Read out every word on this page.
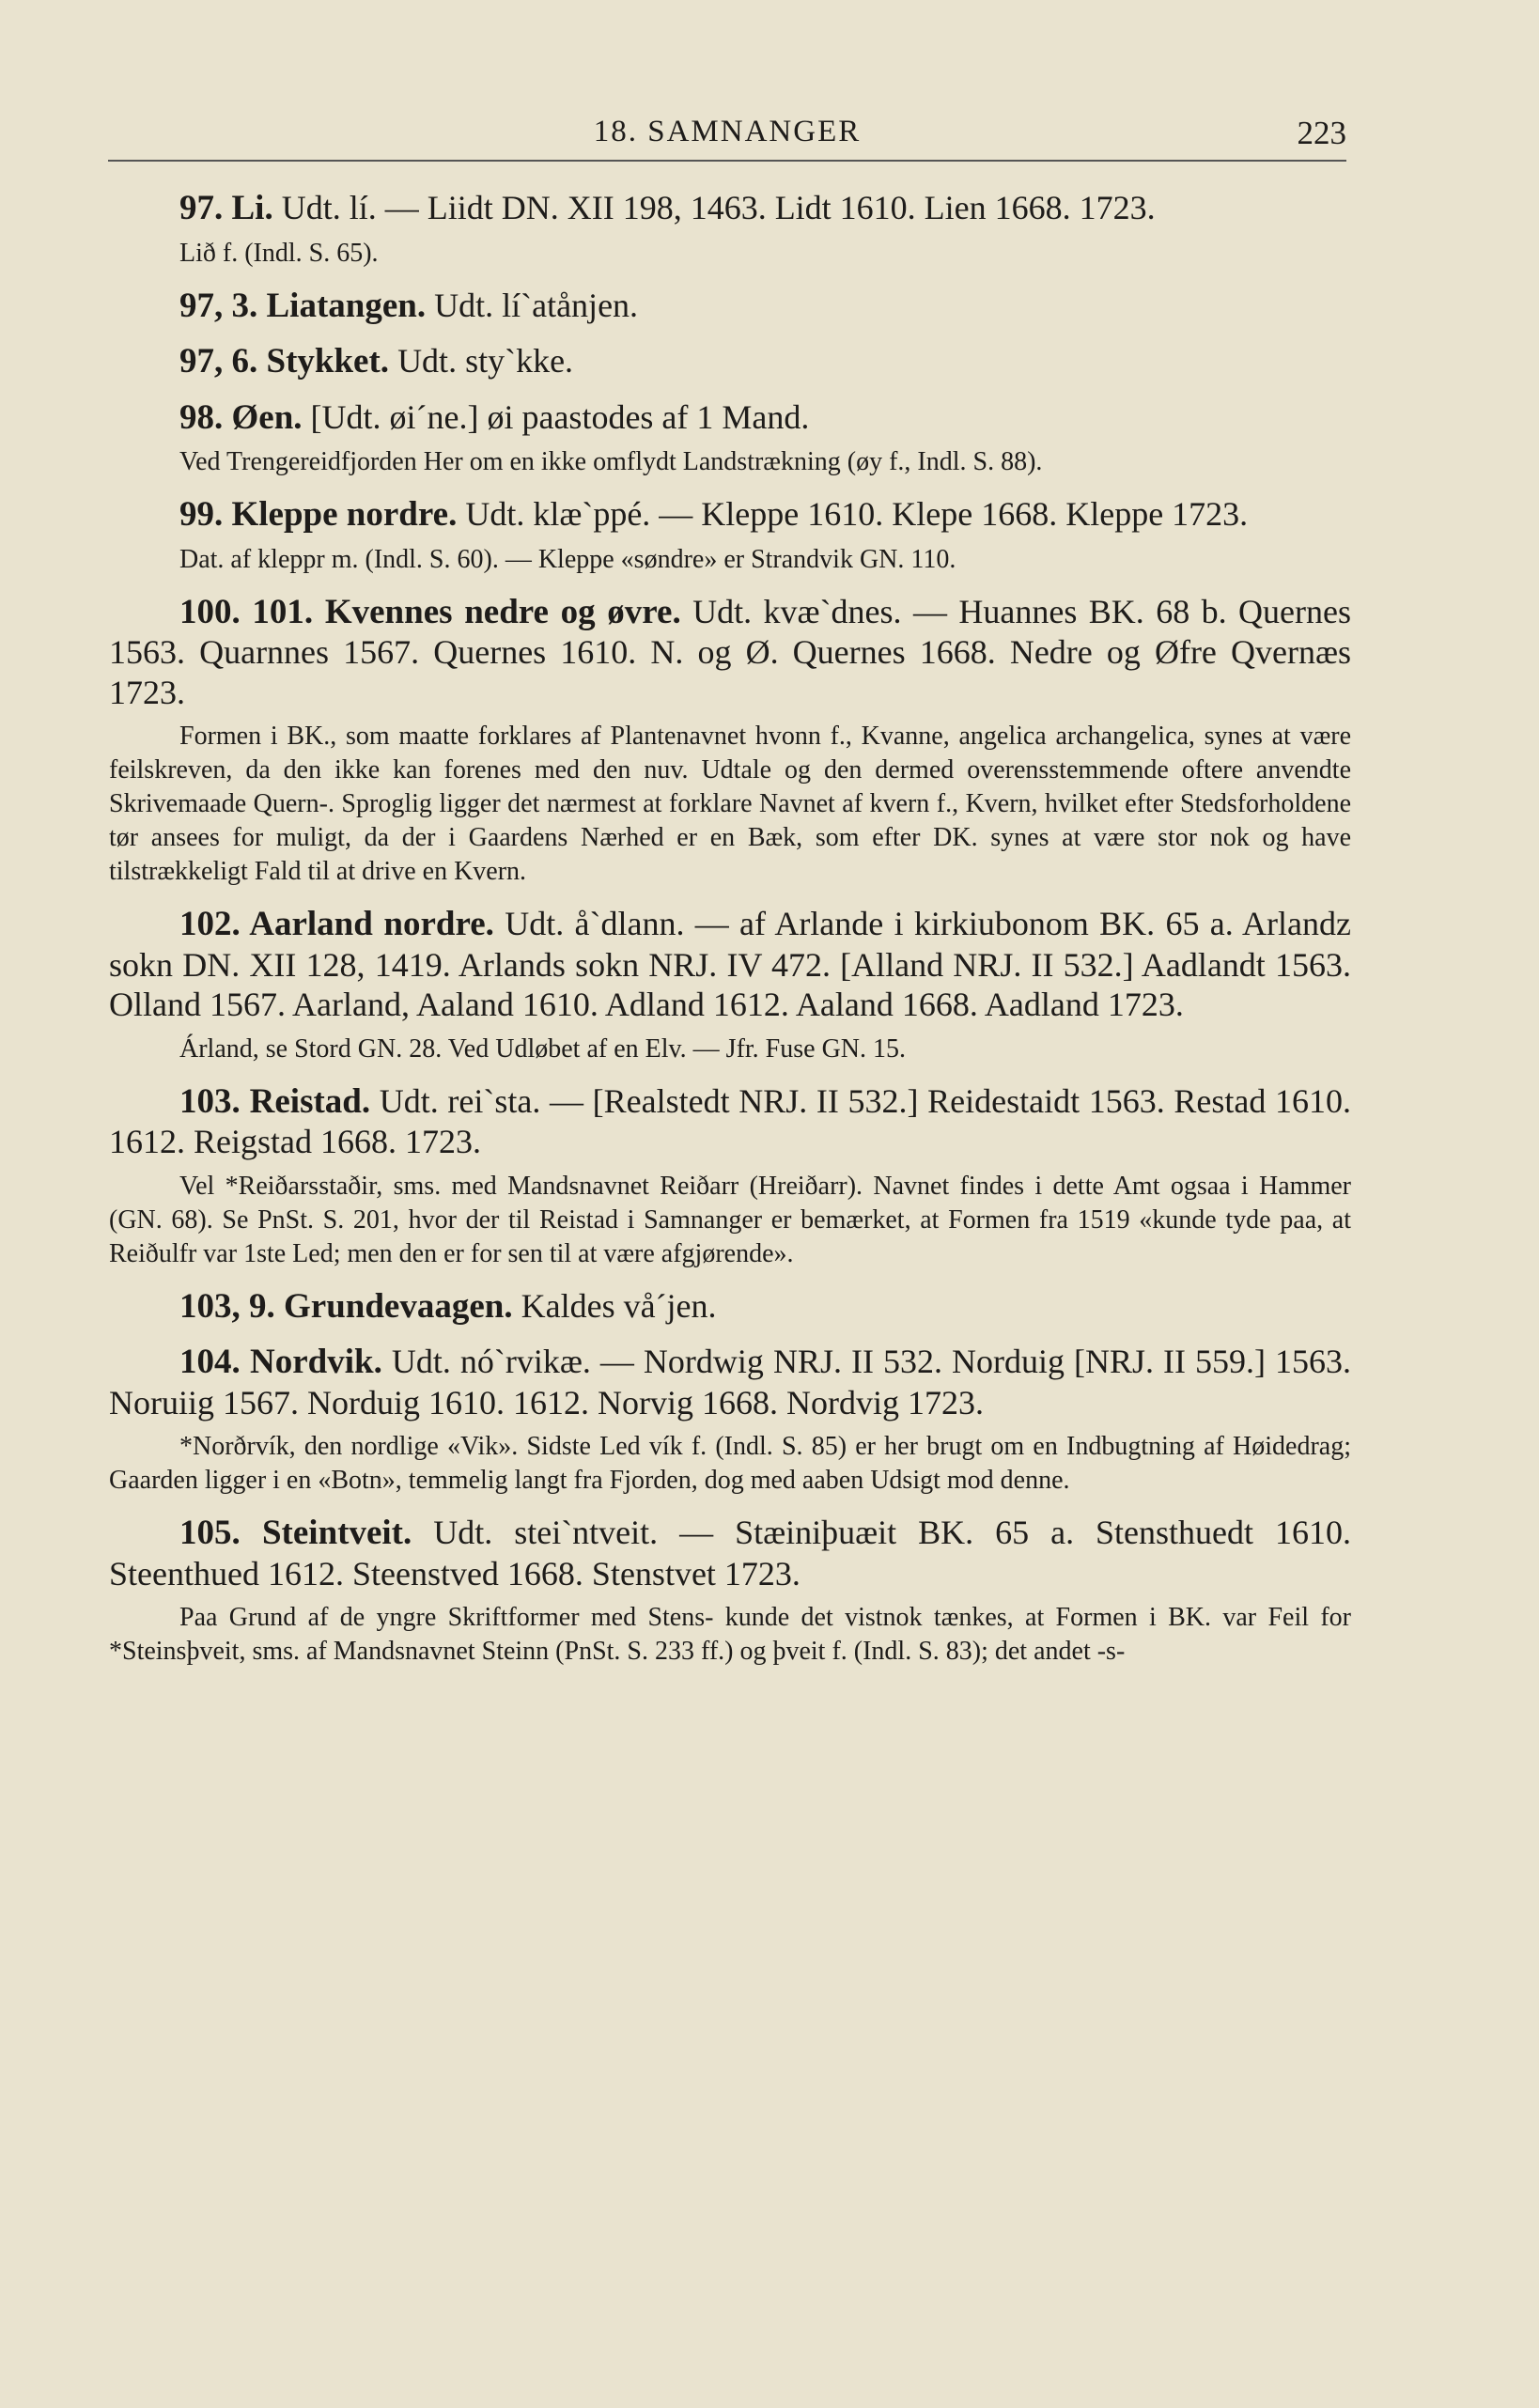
18. SAMNANGER	223
97. Li. Udt. lí. — Liidt DN. XII 198, 1463. Lidt 1610. Lien 1668. 1723.
Lið f. (Indl. S. 65).
97, 3. Liatangen. Udt. lí`atånjen.
97, 6. Stykket. Udt. sty`kke.
98. Øen. [Udt. øi´ne.] øi paastodes af 1 Mand.
Ved Trengereidfjorden Her om en ikke omflydt Landstrækning (øy f., Indl. S. 88).
99. Kleppe nordre. Udt. klæ`ppé. — Kleppe 1610. Klepe 1668. Kleppe 1723.
Dat. af kleppr m. (Indl. S. 60). — Kleppe «søndre» er Strandvik GN. 110.
100. 101. Kvennes nedre og øvre. Udt. kvæ`dnes. — Huannes BK. 68 b. Quernes 1563. Quarnnes 1567. Quernes 1610. N. og Ø. Quernes 1668. Nedre og Øfre Qvernæs 1723.
Formen i BK., som maatte forklares af Plantenavnet hvonn f., Kvanne, angelica archangelica, synes at være feilskreven, da den ikke kan forenes med den nuv. Udtale og den dermed overensstemmende oftere anvendte Skrivemaade Quern-. Sproglig ligger det nærmest at forklare Navnet af kvern f., Kvern, hvilket efter Stedsforholdene tør ansees for muligt, da der i Gaardens Nærhed er en Bæk, som efter DK. synes at være stor nok og have tilstrækkeligt Fald til at drive en Kvern.
102. Aarland nordre. Udt. å`dlann. — af Arlande i kirkiubonom BK. 65 a. Arlandz sokn DN. XII 128, 1419. Arlands sokn NRJ. IV 472. [Alland NRJ. II 532.] Aadlandt 1563. Olland 1567. Aarland, Aaland 1610. Adland 1612. Aaland 1668. Aadland 1723.
Árland, se Stord GN. 28. Ved Udløbet af en Elv. — Jfr. Fuse GN. 15.
103. Reistad. Udt. rei`sta. — [Realstedt NRJ. II 532.] Reidestaidt 1563. Restad 1610. 1612. Reigstad 1668. 1723.
Vel *Reiðarsstaðir, sms. med Mandsnavnet Reiðarr (Hreiðarr). Navnet findes i dette Amt ogsaa i Hammer (GN. 68). Se PnSt. S. 201, hvor der til Reistad i Samnanger er bemærket, at Formen fra 1519 «kunde tyde paa, at Reiðulfr var 1ste Led; men den er for sen til at være afgjørende».
103, 9. Grundevaagen. Kaldes vå´jen.
104. Nordvik. Udt. nó`rvikæ. — Nordwig NRJ. II 532. Norduig [NRJ. II 559.] 1563. Noruiig 1567. Norduig 1610. 1612. Norvig 1668. Nordvig 1723.
*Norðrvík, den nordlige «Vik». Sidste Led vík f. (Indl. S. 85) er her brugt om en Indbugtning af Høidedrag; Gaarden ligger i en «Botn», temmelig langt fra Fjorden, dog med aaben Udsigt mod denne.
105. Steintveit. Udt. stei`ntveit. — Stæiniþuæit BK. 65 a. Stensthuedt 1610. Steenthued 1612. Steenstved 1668. Stenstvet 1723.
Paa Grund af de yngre Skriftformer med Stens- kunde det vistnok tænkes, at Formen i BK. var Feil for *Steinsþveit, sms. af Mandsnavnet Steinn (PnSt. S. 233 ff.) og þveit f. (Indl. S. 83); det andet -s-
